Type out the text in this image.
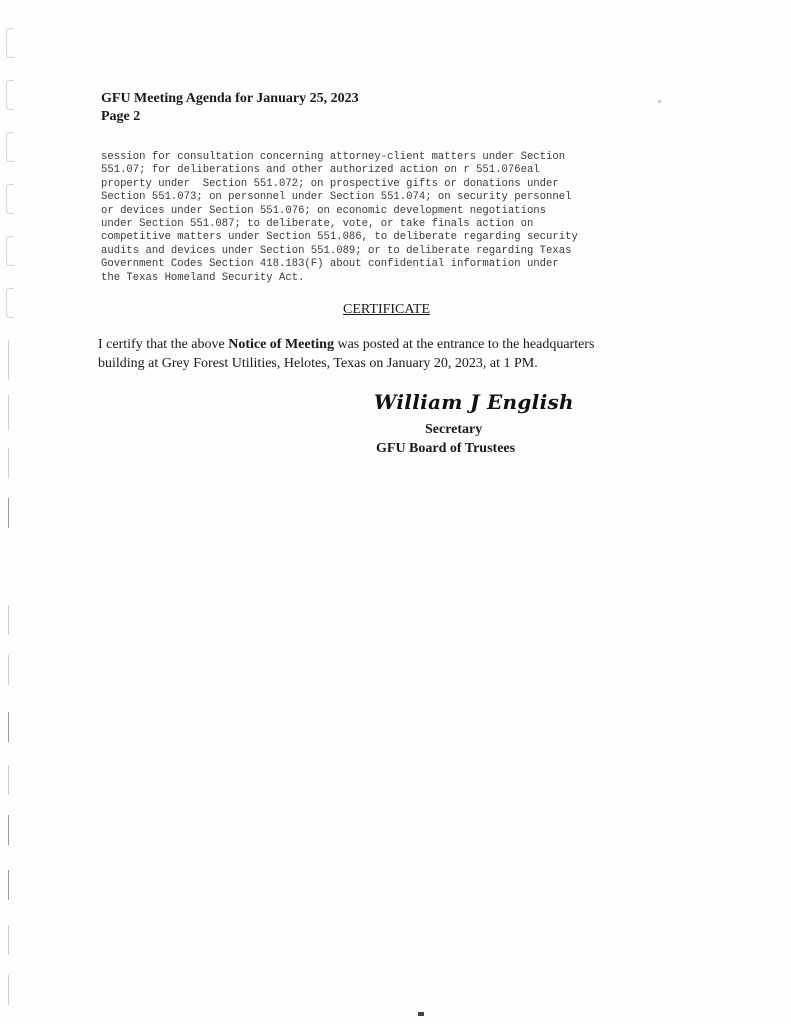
GFU Meeting Agenda for January 25, 2023
Page 2
session for consultation concerning attorney-client matters under Section
551.07; for deliberations and other authorized action on r 551.076eal
property under  Section 551.072; on prospective gifts or donations under
Section 551.073; on personnel under Section 551.074; on security personnel
or devices under Section 551.076; on economic development negotiations
under Section 551.087; to deliberate, vote, or take finals action on
competitive matters under Section 551.086, to deliberate regarding security
audits and devices under Section 551.089; or to deliberate regarding Texas
Government Codes Section 418.183(F) about confidential information under
the Texas Homeland Security Act.
CERTIFICATE
I certify that the above Notice of Meeting was posted at the entrance to the headquarters
building at Grey Forest Utilities, Helotes, Texas on January 20, 2023, at 1 PM.
William J English
Secretary
GFU Board of Trustees
